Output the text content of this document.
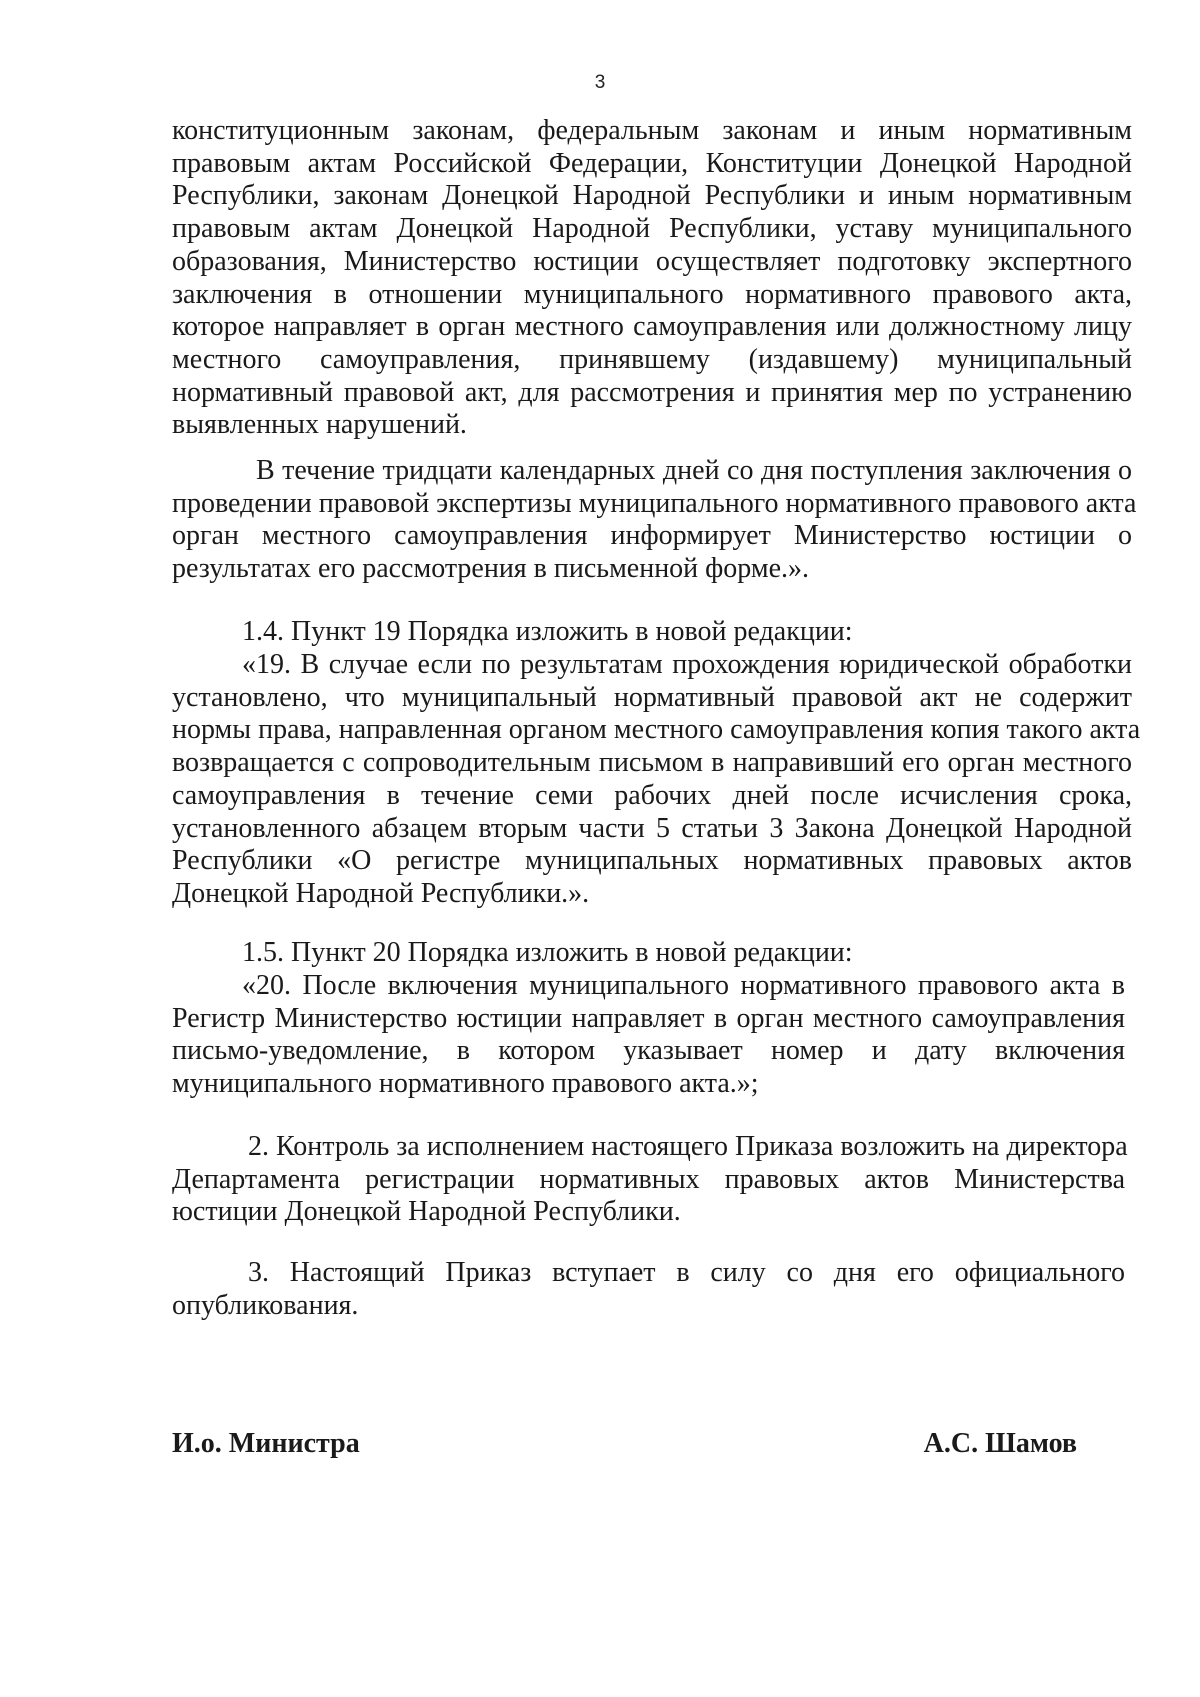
3

конституционным законам, федеральным законам и иным нормативным
правовым актам Российской Федерации, Конституции Донецкой Народной
Республики, законам Донецкой Народной Республики и иным нормативным
правовым актам Донецкой Народной Республики, уставу муниципального
образования, Министерство юстиции осуществляет подготовку экспертного
заключения в отношении муниципального нормативного правового акта,
которое направляет в орган местного самоуправления или должностному лицу
местного самоуправления, принявшему (издавшему) муниципальный
нормативный правовой акт, для рассмотрения и принятия мер по устранению
выявленных нарушений.

В течение тридцати календарных дней со дня поступления заключения о
проведении правовой экспертизы муниципального нормативного правового акта
орган местного самоуправления информирует Министерство юстиции о
результатах его рассмотрения в письменной форме.».

1.4. Пункт 19 Порядка изложить в новой редакции:

«19. В случае если по результатам прохождения юридической обработки
установлено, что муниципальный нормативный правовой акт не содержит
нормы права, направленная органом местного самоуправления копия такого акта
возвращается с сопроводительным письмом в направивший его орган местного
самоуправления в течение семи рабочих дней после исчисления срока,
установленного абзацем вторым части 5 статьи 3 Закона Донецкой Народной
Республики «О регистре муниципальных нормативных правовых актов
Донецкой Народной Республики.».

1.5. Пункт 20 Порядка изложить в новой редакции:

«20. После включения муниципального нормативного правового акта в
Регистр Министерство юстиции направляет в орган местного самоуправления
письмо-уведомление, в котором указывает номер и дату включения
муниципального нормативного правового акта.»;

2. Контроль за исполнением настоящего Приказа возложить на директора
Департамента регистрации нормативных правовых актов Министерства
юстиции Донецкой Народной Республики.

3. Настоящий Приказ вступает в силу со дня его официального
опубликования.

И.о. Министра	А.С. Шамов
